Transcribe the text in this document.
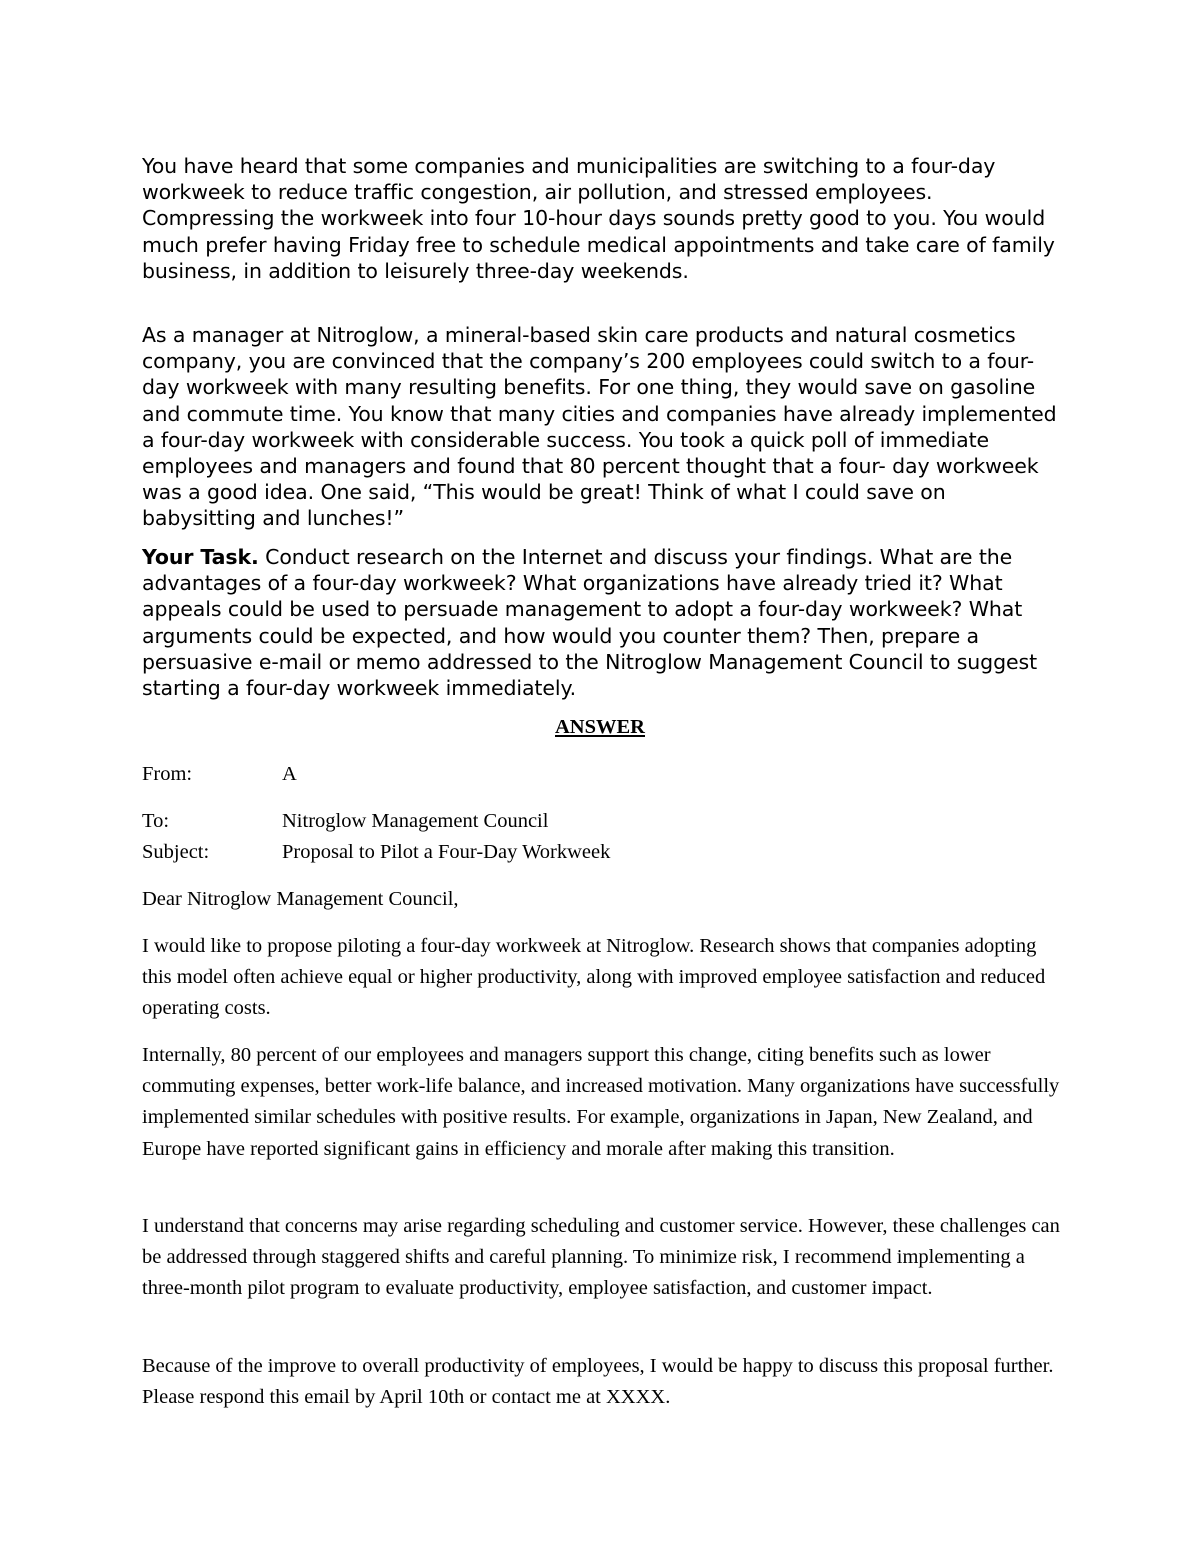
You have heard that some companies and municipalities are switching to a four-day workweek to reduce traffic congestion, air pollution, and stressed employees. Compressing the workweek into four 10-hour days sounds pretty good to you. You would much prefer having Friday free to schedule medical appointments and take care of family business, in addition to leisurely three-day weekends.

As a manager at Nitroglow, a mineral-based skin care products and natural cosmetics company, you are convinced that the company’s 200 employees could switch to a four-day workweek with many resulting benefits. For one thing, they would save on gasoline and commute time. You know that many cities and companies have already implemented a four-day workweek with considerable success. You took a quick poll of immediate employees and managers and found that 80 percent thought that a four- day workweek was a good idea. One said, “This would be great! Think of what I could save on babysitting and lunches!”

Your Task. Conduct research on the Internet and discuss your findings. What are the advantages of a four-day workweek? What organizations have already tried it? What appeals could be used to persuade management to adopt a four-day workweek? What arguments could be expected, and how would you counter them? Then, prepare a persuasive e-mail or memo addressed to the Nitroglow Management Council to suggest starting a four-day workweek immediately.

ANSWER

From:	A

To:	Nitroglow Management Council

Subject:	Proposal to Pilot a Four-Day Workweek

Dear Nitroglow Management Council,

I would like to propose piloting a four-day workweek at Nitroglow. Research shows that companies adopting this model often achieve equal or higher productivity, along with improved employee satisfaction and reduced operating costs.

Internally, 80 percent of our employees and managers support this change, citing benefits such as lower commuting expenses, better work-life balance, and increased motivation. Many organizations have successfully implemented similar schedules with positive results. For example, organizations in Japan, New Zealand, and Europe have reported significant gains in efficiency and morale after making this transition.

I understand that concerns may arise regarding scheduling and customer service. However, these challenges can be addressed through staggered shifts and careful planning. To minimize risk, I recommend implementing a three-month pilot program to evaluate productivity, employee satisfaction, and customer impact.

Because of the improve to overall productivity of employees, I would be happy to discuss this proposal further. Please respond this email by April 10th or contact me at XXXX.
